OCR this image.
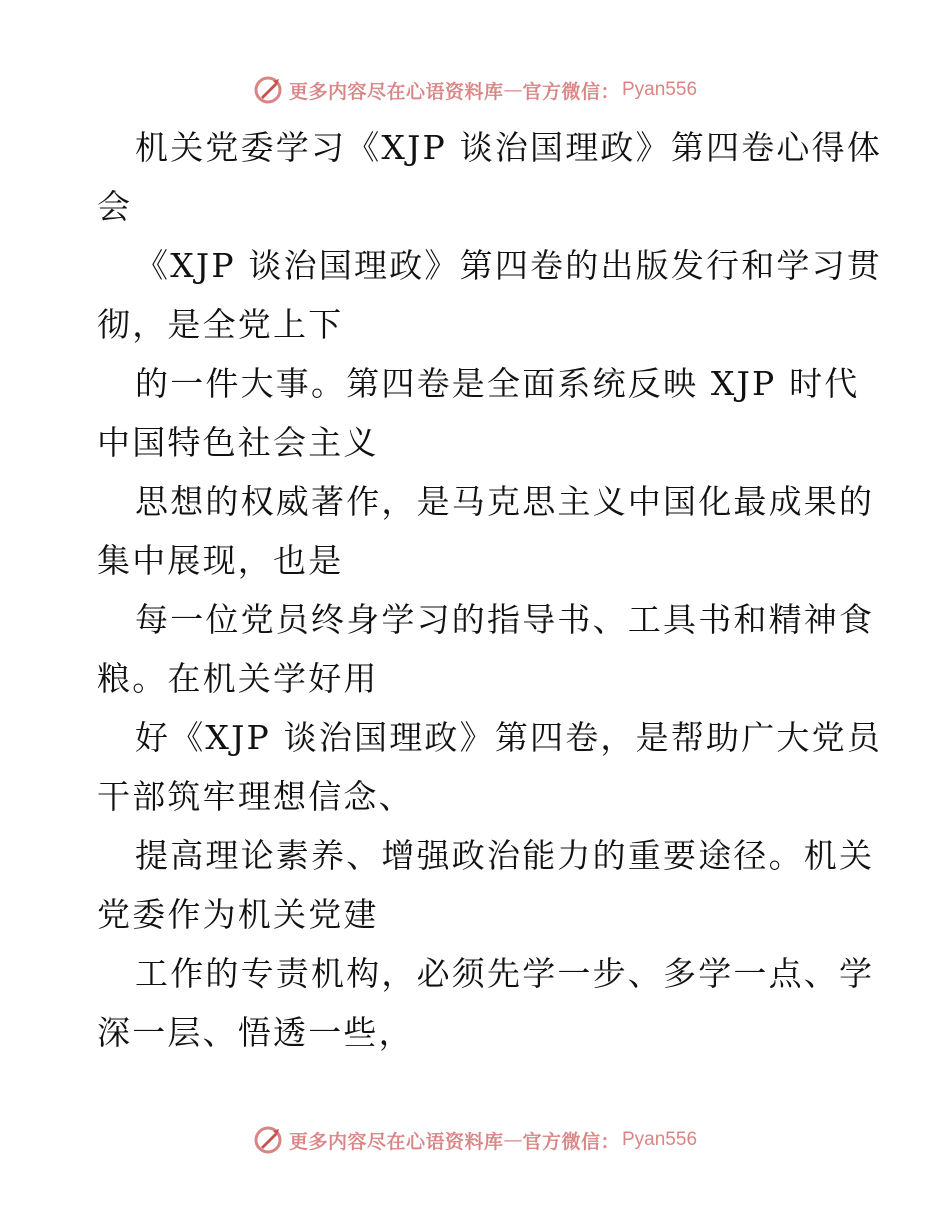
更多内容尽在心语资料库 — 官方微信： Pyan556
机关党委学习《XJP 谈治国理政》第四卷心得体
会
《XJP 谈治国理政》第四卷的出版发行和学习贯
彻，是全党上下
的一件大事。第四卷是全面系统反映 XJP 时代
中国特色社会主义
思想的权威著作，是马克思主义中国化最成果的
集中展现，也是
每一位党员终身学习的指导书、工具书和精神食
粮。在机关学好用
好《XJP 谈治国理政》第四卷，是帮助广大党员
干部筑牢理想信念、
提高理论素养、增强政治能力的重要途径。机关
党委作为机关党建
工作的专责机构，必须先学一步、多学一点、学
深一层、悟透一些，
更多内容尽在心语资料库 — 官方微信： Pyan556
